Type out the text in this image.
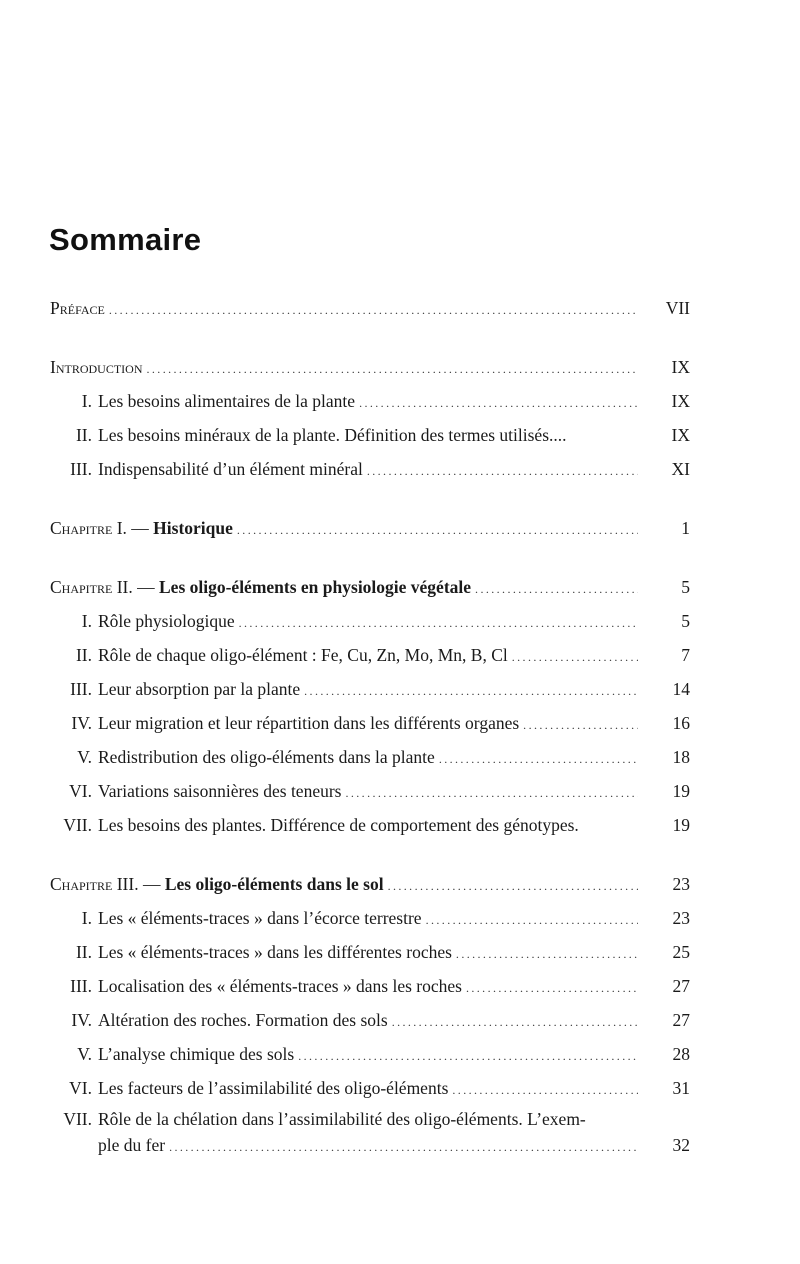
Sommaire
Préface . . .	VII
Introduction . . .	IX
I. Les besoins alimentaires de la plante . . .	IX
II. Les besoins minéraux de la plante. Définition des termes utilisés....	IX
III. Indispensabilité d’un élément minéral . . .	XI
Chapitre I. — Historique . . .	1
Chapitre II. — Les oligo-éléments en physiologie végétale . . .	5
I. Rôle physiologique . . .	5
II. Rôle de chaque oligo-élément : Fe, Cu, Zn, Mo, Mn, B, Cl . . .	7
III. Leur absorption par la plante . . .	14
IV. Leur migration et leur répartition dans les différents organes . . .	16
V. Redistribution des oligo-éléments dans la plante . . .	18
VI. Variations saisonnières des teneurs . . .	19
VII. Les besoins des plantes. Différence de comportement des génotypes.	19
Chapitre III. — Les oligo-éléments dans le sol . . .	23
I. Les « éléments-traces » dans l’écorce terrestre . . .	23
II. Les « éléments-traces » dans les différentes roches . . .	25
III. Localisation des « éléments-traces » dans les roches . . .	27
IV. Altération des roches. Formation des sols . . .	27
V. L’analyse chimique des sols . . .	28
VI. Les facteurs de l’assimilabilité des oligo-éléments . . .	31
VII. Rôle de la chélation dans l’assimilabilité des oligo-éléments. L’exem-
ple du fer . . .	32
